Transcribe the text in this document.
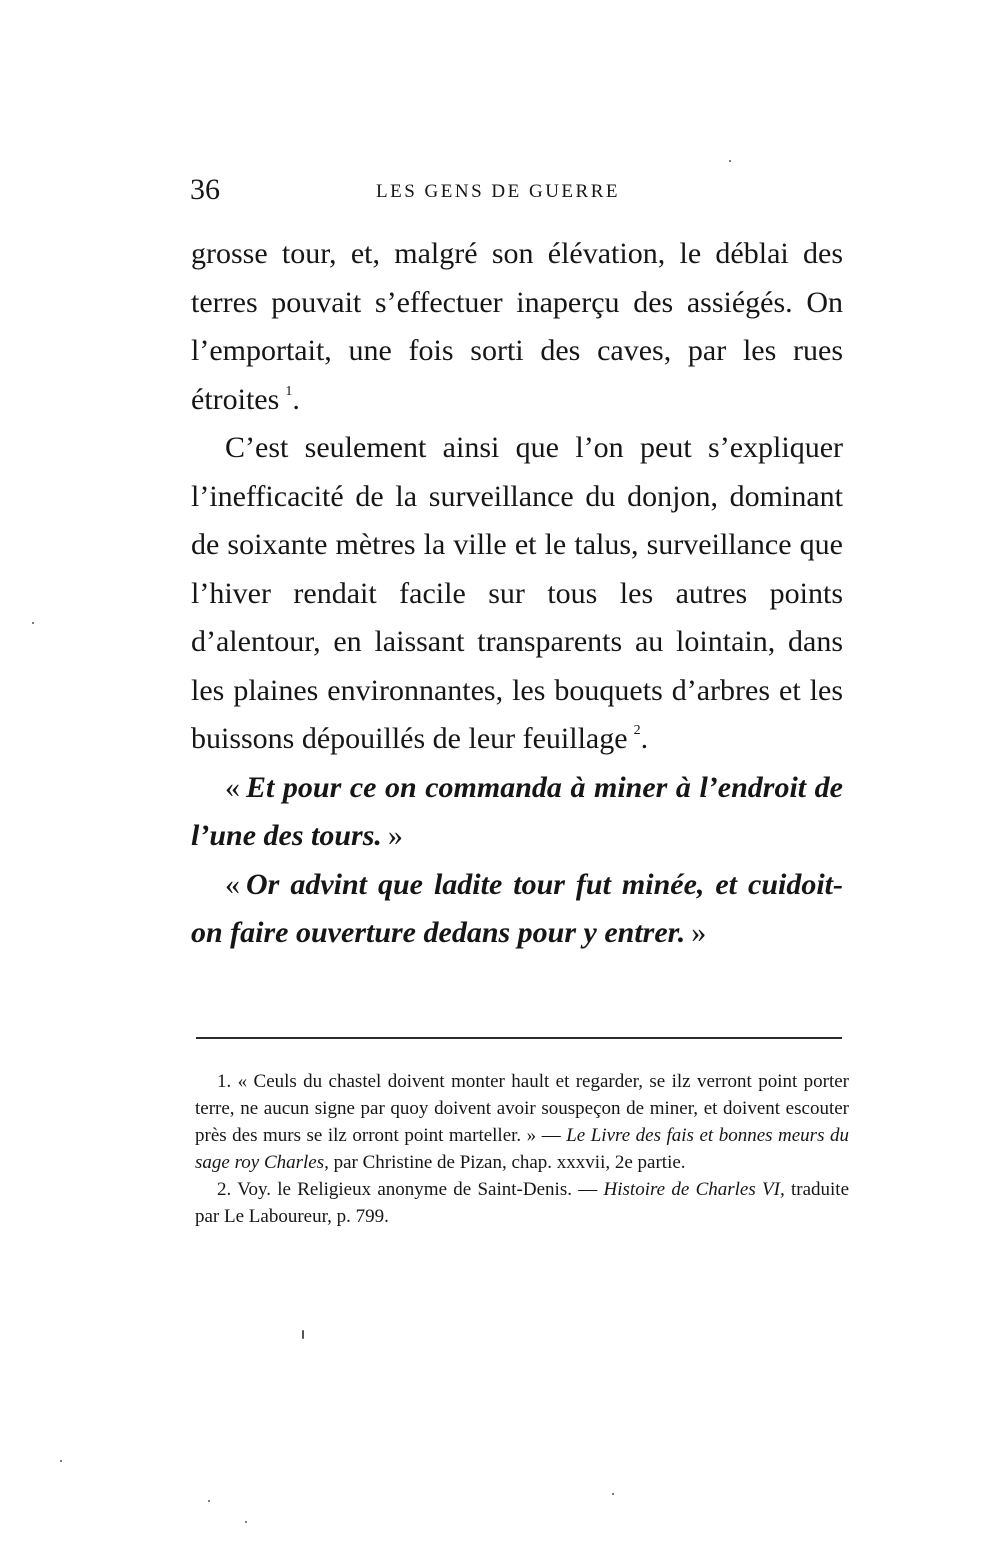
36	LES GENS DE GUERRE

grosse tour, et, malgré son élévation, le déblai des terres pouvait s’effectuer inaperçu des assiégés. On l’emportait, une fois sorti des caves, par les rues étroites  $^1$.

C’est seulement ainsi que l’on peut s’expliquer l’inefficacité de la surveillance du donjon, dominant de soixante mètres la ville et le talus, surveillance que l’hiver rendait facile sur tous les autres points d’alentour, en laissant transparents au lointain, dans les plaines environnantes, les bouquets d’arbres et les buissons dépouillés de leur feuillage  $^2$.

«  Et pour ce on commanda à miner à l’endroit de l’une des tours.  »

«  Or advint que ladite tour fut minée, et cuidoit-on faire ouverture dedans pour y entrer.  »

1. « Ceuls du chastel doivent monter hault et regarder, se ilz verront point porter terre, ne aucun signe par quoy doivent avoir souspeçon de miner, et doivent escouter près des murs se ilz orront point marteller. » — Le Livre des fais et bonnes meurs du sage roy Charles, par Christine de Pizan, chap. xxxvii, 2e partie.

2. Voy. le Religieux anonyme de Saint-Denis. — Histoire de Charles VI, traduite par Le Laboureur, p. 799.
